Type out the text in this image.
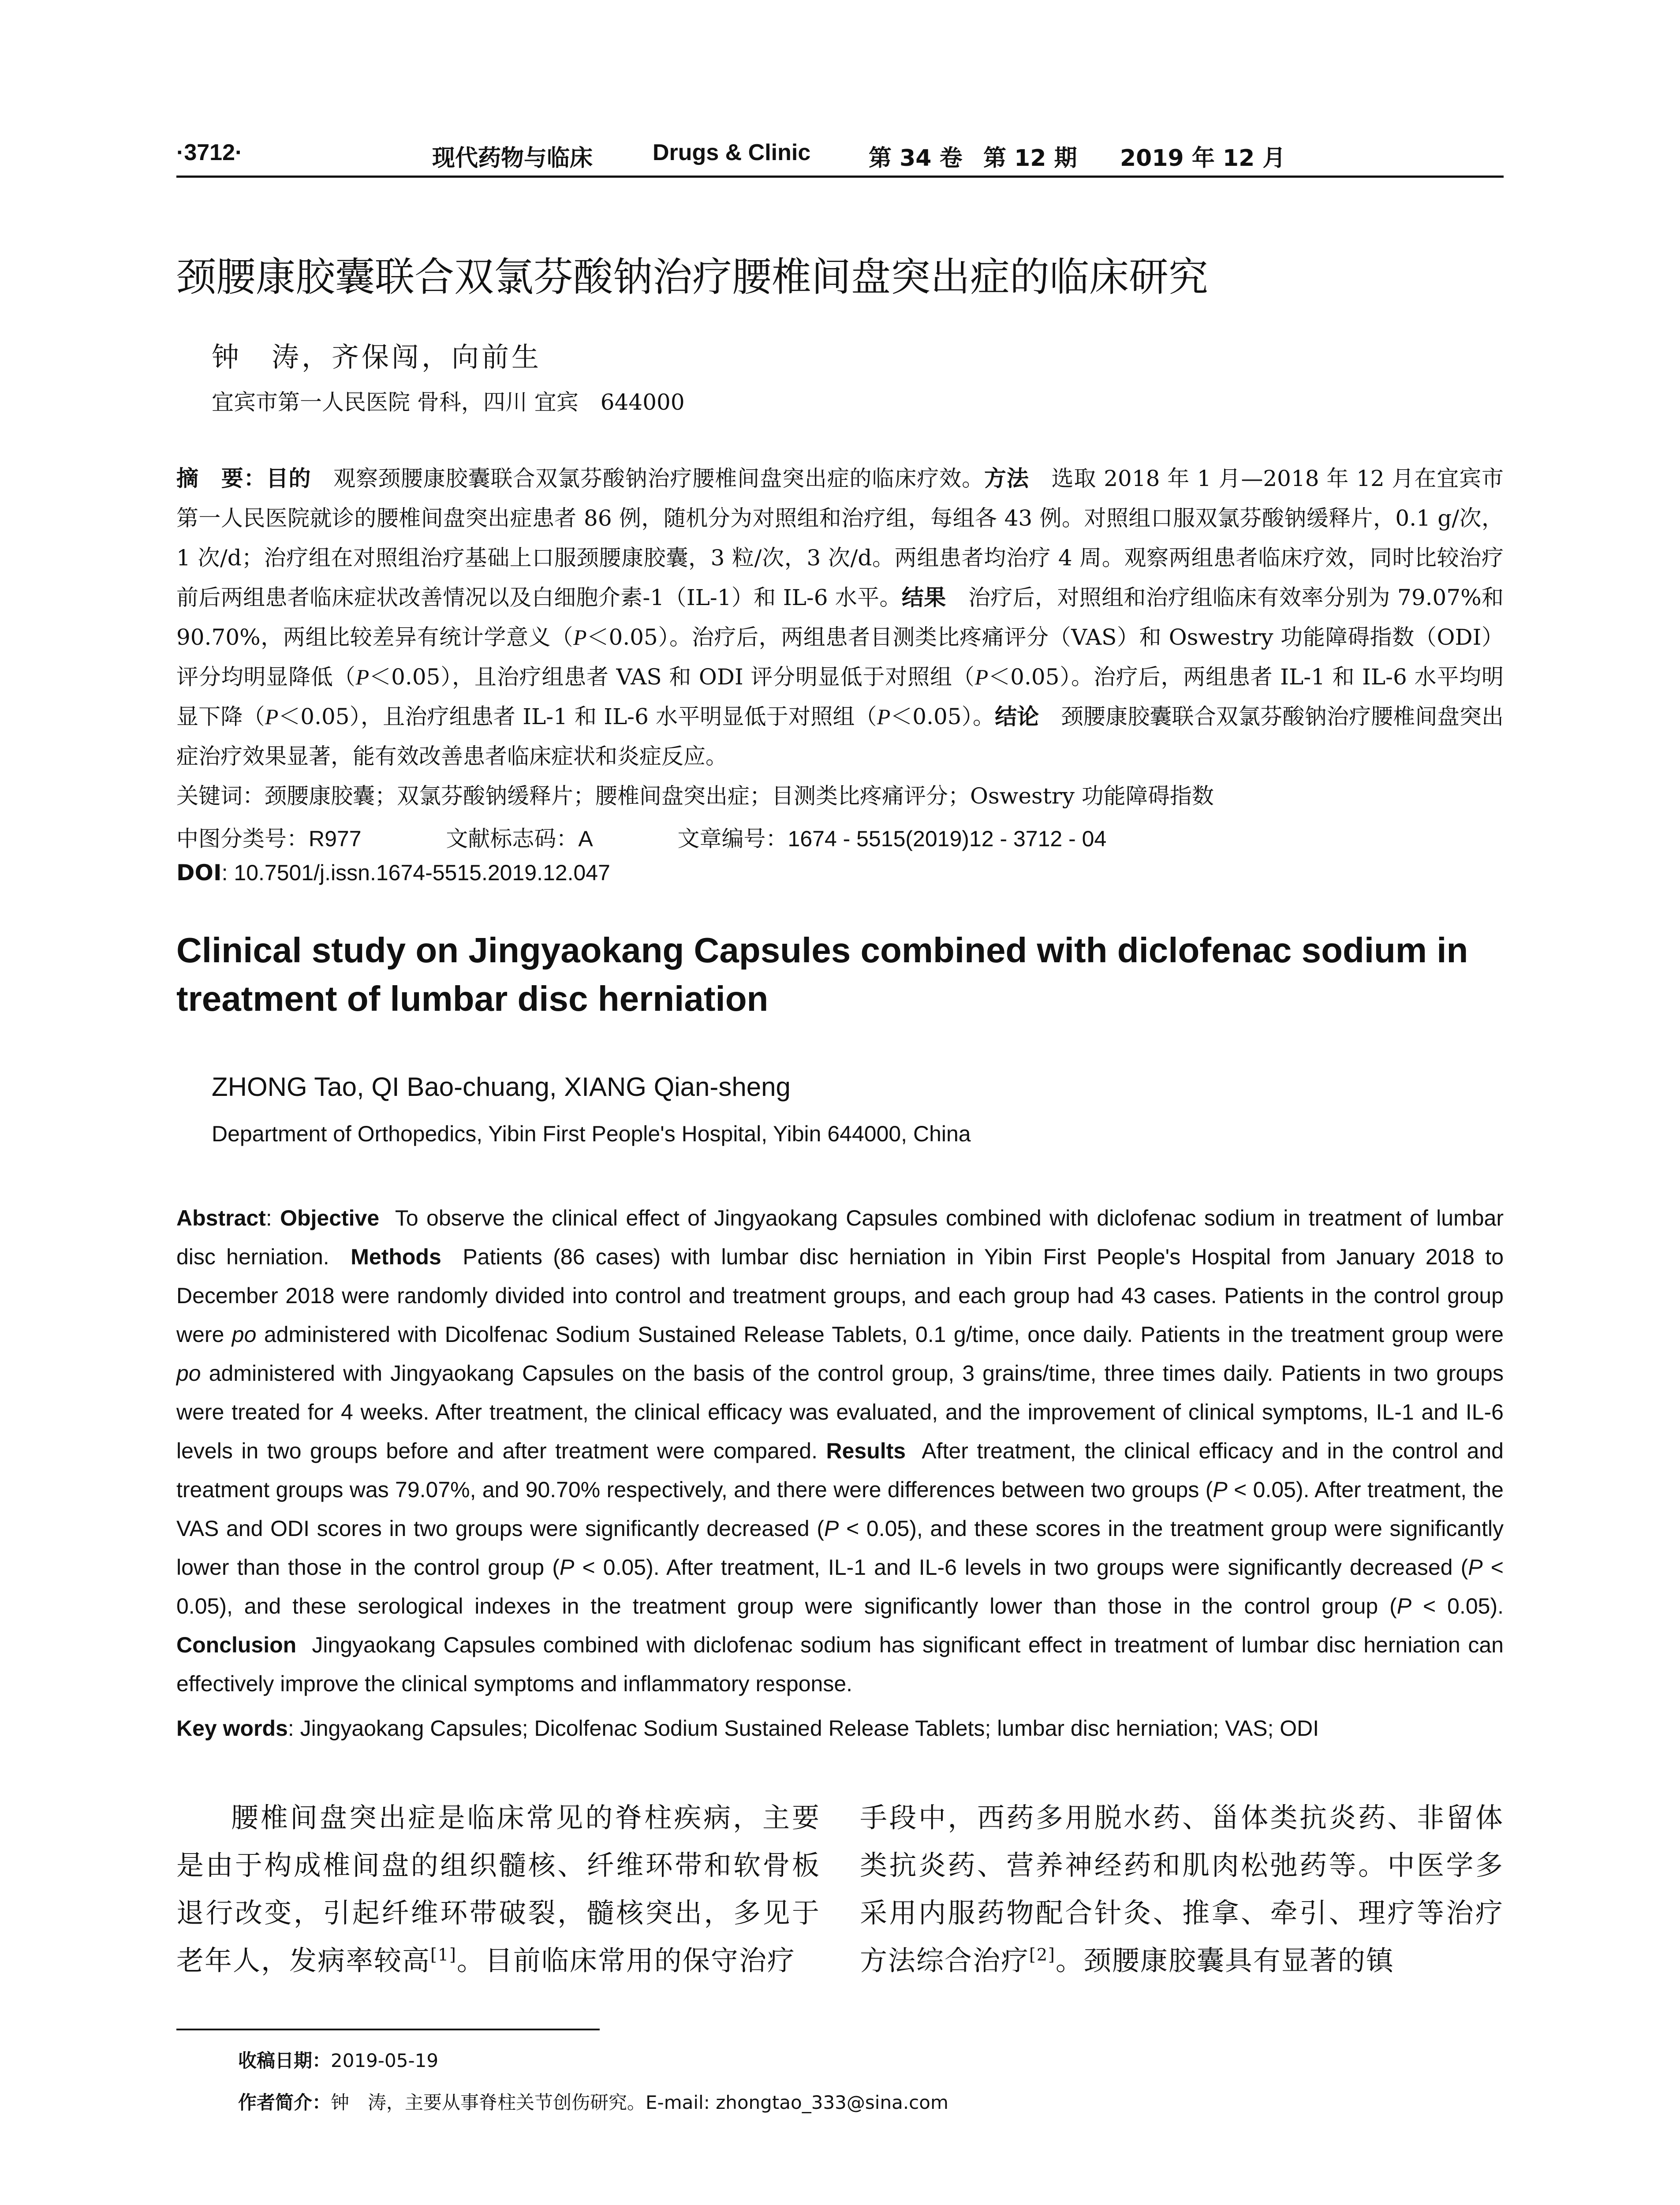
·3712·	现代药物与临床	Drugs & Clinic	第 34 卷 第 12 期 2019 年 12 月
颈腰康胶囊联合双氯芬酸钠治疗腰椎间盘突出症的临床研究
钟　涛，齐保闯，向前生
宜宾市第一人民医院 骨科，四川 宜宾　644000
摘　要：目的　观察颈腰康胶囊联合双氯芬酸钠治疗腰椎间盘突出症的临床疗效。方法　选取 2018 年 1 月—2018 年 12 月在宜宾市第一人民医院就诊的腰椎间盘突出症患者 86 例，随机分为对照组和治疗组，每组各 43 例。对照组口服双氯芬酸钠缓释片，0.1 g/次，1 次/d；治疗组在对照组治疗基础上口服颈腰康胶囊，3 粒/次，3 次/d。两组患者均治疗 4 周。观察两组患者临床疗效，同时比较治疗前后两组患者临床症状改善情况以及白细胞介素-1（IL-1）和 IL-6 水平。结果　治疗后，对照组和治疗组临床有效率分别为 79.07%和 90.70%，两组比较差异有统计学意义（P＜0.05）。治疗后，两组患者目测类比疼痛评分（VAS）和 Oswestry 功能障碍指数（ODI）评分均明显降低（P＜0.05），且治疗组患者 VAS 和 ODI 评分明显低于对照组（P＜0.05）。治疗后，两组患者 IL-1 和 IL-6 水平均明显下降（P＜0.05），且治疗组患者 IL-1 和 IL-6 水平明显低于对照组（P＜0.05）。结论　颈腰康胶囊联合双氯芬酸钠治疗腰椎间盘突出症治疗效果显著，能有效改善患者临床症状和炎症反应。
关键词：颈腰康胶囊；双氯芬酸钠缓释片；腰椎间盘突出症；目测类比疼痛评分；Oswestry 功能障碍指数
中图分类号：R977	文献标志码：A	文章编号：1674 - 5515(2019)12 - 3712 - 04
DOI: 10.7501/j.issn.1674-5515.2019.12.047
Clinical study on Jingyaokang Capsules combined with diclofenac sodium in treatment of lumbar disc herniation
ZHONG Tao, QI Bao-chuang, XIANG Qian-sheng
Department of Orthopedics, Yibin First People's Hospital, Yibin 644000, China
Abstract: Objective To observe the clinical effect of Jingyaokang Capsules combined with diclofenac sodium in treatment of lumbar disc herniation. Methods Patients (86 cases) with lumbar disc herniation in Yibin First People's Hospital from January 2018 to December 2018 were randomly divided into control and treatment groups, and each group had 43 cases. Patients in the control group were po administered with Dicolfenac Sodium Sustained Release Tablets, 0.1 g/time, once daily. Patients in the treatment group were po administered with Jingyaokang Capsules on the basis of the control group, 3 grains/time, three times daily. Patients in two groups were treated for 4 weeks. After treatment, the clinical efficacy was evaluated, and the improvement of clinical symptoms, IL-1 and IL-6 levels in two groups before and after treatment were compared. Results After treatment, the clinical efficacy and in the control and treatment groups was 79.07%, and 90.70% respectively, and there were differences between two groups (P < 0.05). After treatment, the VAS and ODI scores in two groups were significantly decreased (P < 0.05), and these scores in the treatment group were significantly lower than those in the control group (P < 0.05). After treatment, IL-1 and IL-6 levels in two groups were significantly decreased (P < 0.05), and these serological indexes in the treatment group were significantly lower than those in the control group (P < 0.05). Conclusion Jingyaokang Capsules combined with diclofenac sodium has significant effect in treatment of lumbar disc herniation can effectively improve the clinical symptoms and inflammatory response.
Key words: Jingyaokang Capsules; Dicolfenac Sodium Sustained Release Tablets; lumbar disc herniation; VAS; ODI
腰椎间盘突出症是临床常见的脊柱疾病，主要是由于构成椎间盘的组织髓核、纤维环带和软骨板退行改变，引起纤维环带破裂，髓核突出，多见于老年人，发病率较高[1]。目前临床常用的保守治疗
手段中，西药多用脱水药、甾体类抗炎药、非留体类抗炎药、营养神经药和肌肉松弛药等。中医学多采用内服药物配合针灸、推拿、牵引、理疗等治疗方法综合治疗[2]。颈腰康胶囊具有显著的镇
收稿日期：2019-05-19
作者简介：钟　涛，主要从事脊柱关节创伤研究。E-mail: zhongtao_333@sina.com
